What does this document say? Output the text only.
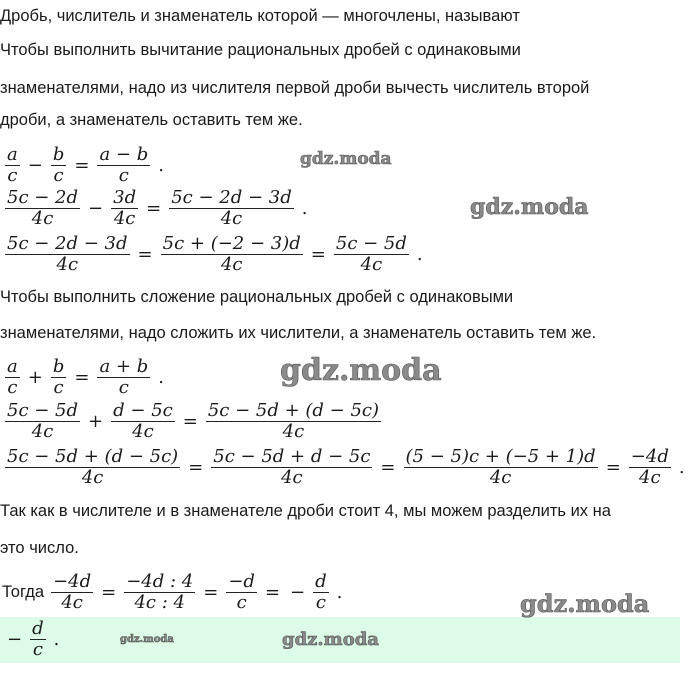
Дробь, числитель и знаменатель которой — многочлены, называют
Чтобы выполнить вычитание рациональных дробей с одинаковыми
знаменателями, надо из числителя первой дроби вычесть числитель второй
дроби, а знаменатель оставить тем же.
$\frac{a}{c} - \frac{b}{c} = \frac{a - b}{c}$ .
$\frac{5c - 2d}{4c} - \frac{3d}{4c} = \frac{5c - 2d - 3d}{4c}$ .
$\frac{5c - 2d - 3d}{4c} = \frac{5c + (-2 - 3)d}{4c} = \frac{5c - 5d}{4c}$ .
Чтобы выполнить сложение рациональных дробей с одинаковыми
знаменателями, надо сложить их числители, а знаменатель оставить тем же.
$\frac{a}{c} + \frac{b}{c} = \frac{a + b}{c}$ .
$\frac{5c - 5d}{4c} + \frac{d - 5c}{4c} = \frac{5c - 5d + (d - 5c)}{4c}$
$\frac{5c - 5d + (d - 5c)}{4c} = \frac{5c - 5d + d - 5c}{4c} = \frac{(5 - 5)c + (-5 + 1)d}{4c} = \frac{-4d}{4c}$ .
Так как в числителе и в знаменателе дроби стоит 4, мы можем разделить их на
это число.
Тогда $\frac{-4d}{4c} = \frac{-4d : 4}{4c : 4} = \frac{-d}{c}$ = − $\frac{d}{c}$ .
− $\frac{d}{c}$ .
gdz.moda
gdz.moda
gdz.moda
gdz.moda	gdz.moda
gdz.moda
